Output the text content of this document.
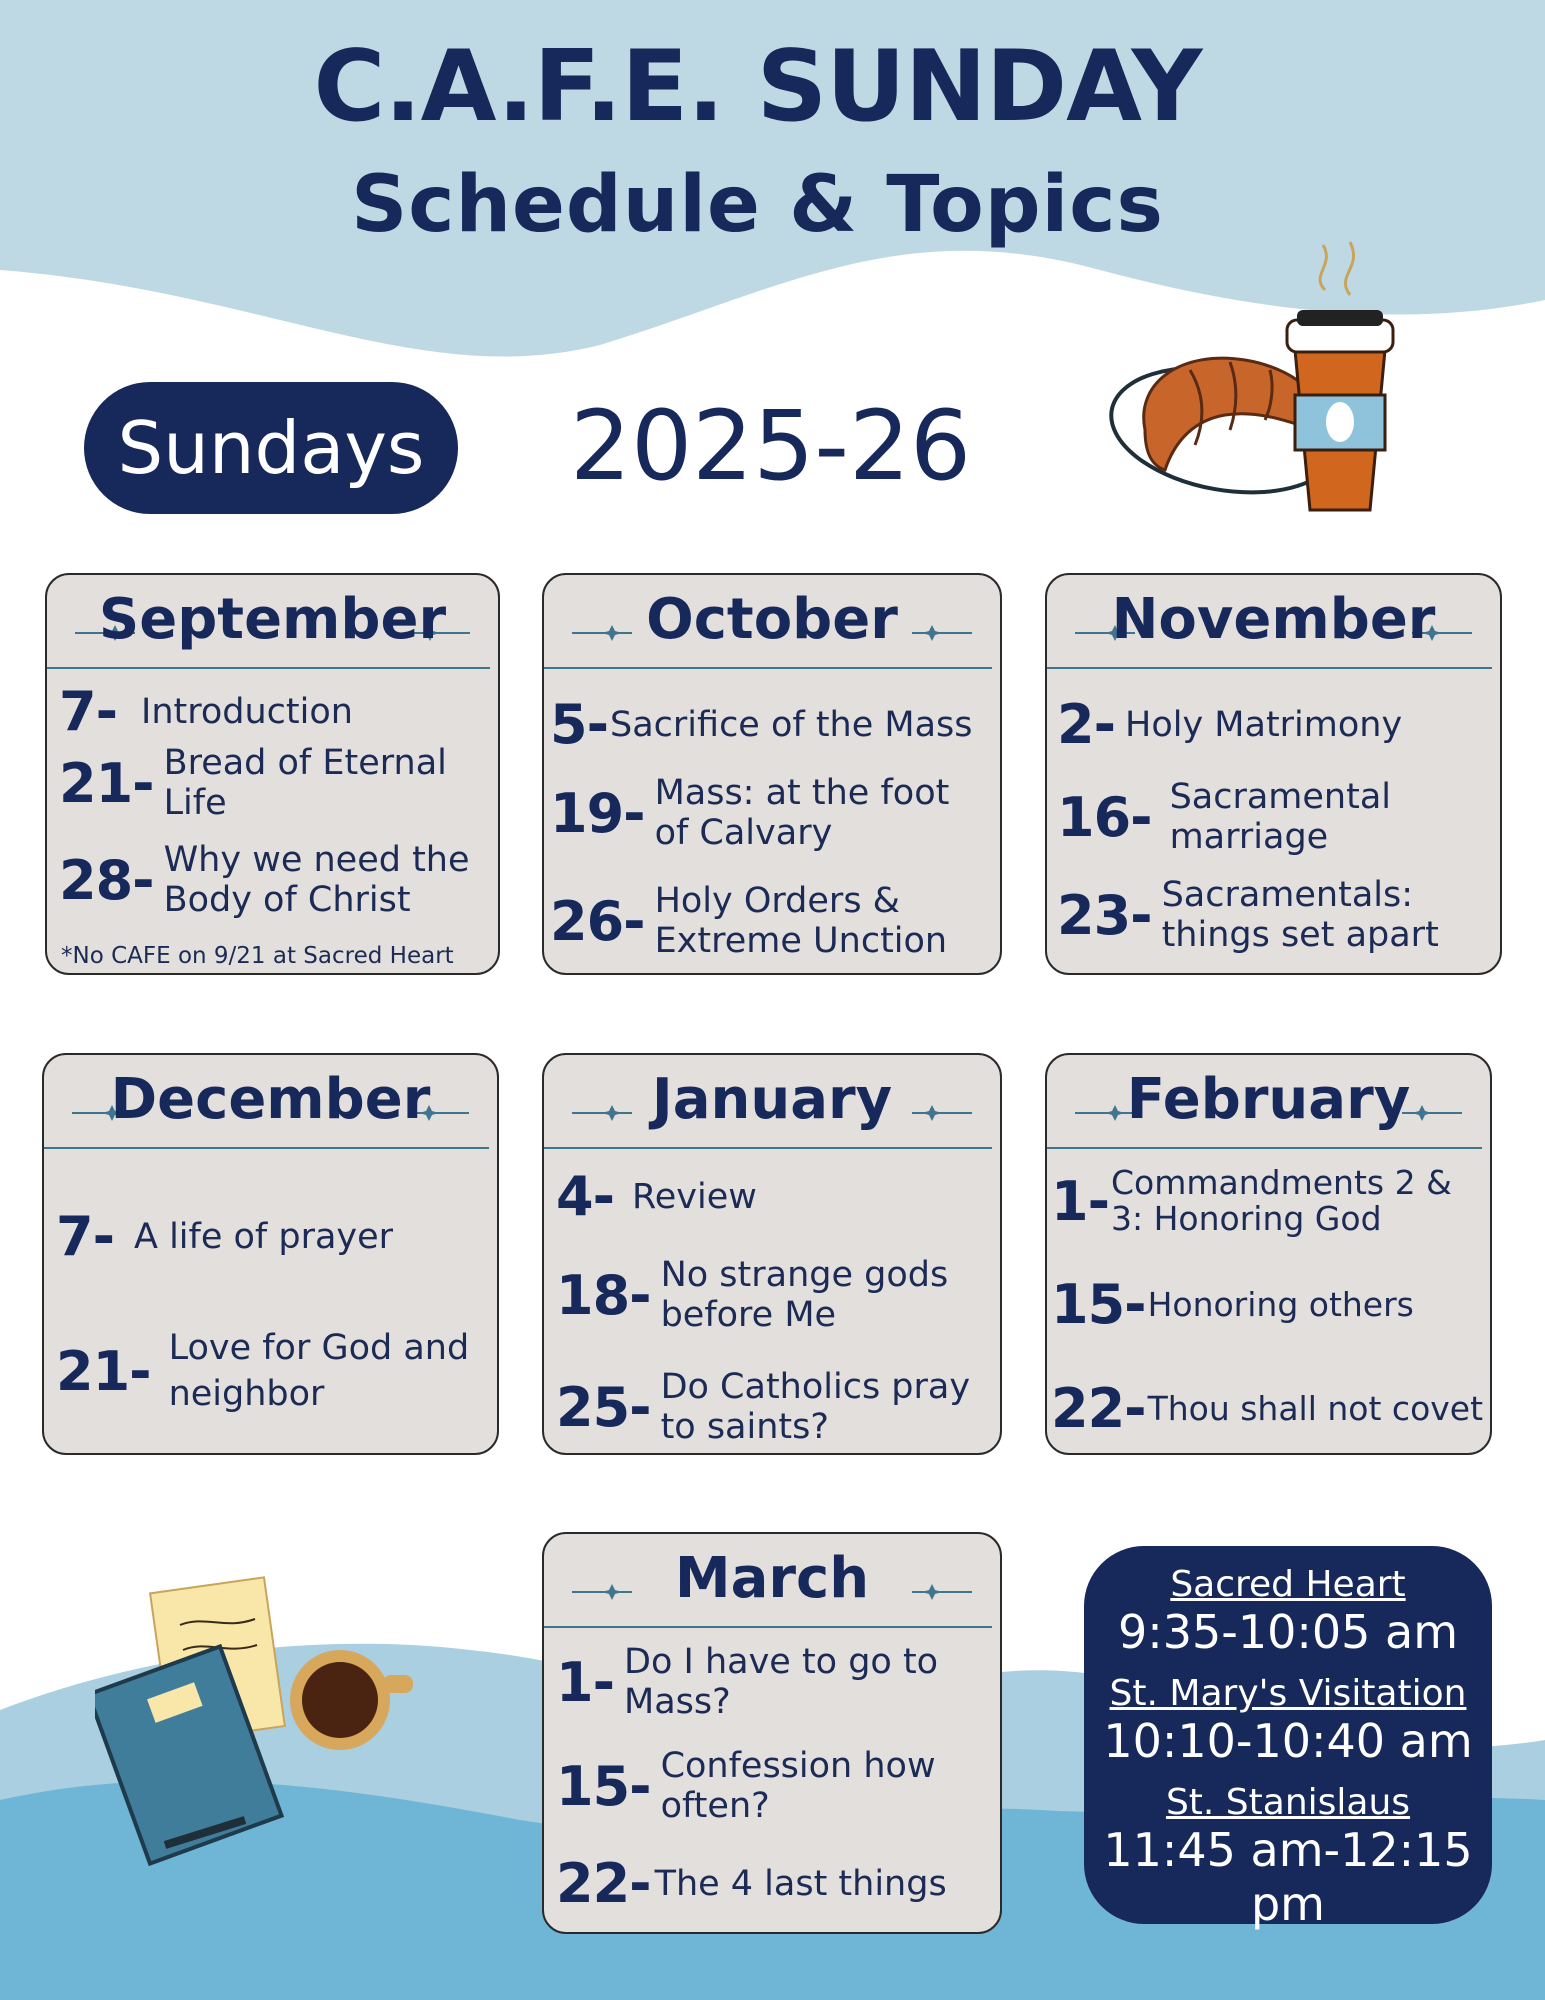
C.A.F.E. SUNDAY
Schedule & Topics
Sundays 2025-26
September
7- Introduction
21- Bread of Eternal Life
28- Why we need the Body of Christ
*No CAFE on 9/21 at Sacred Heart
October
5- Sacrifice of the Mass
19- Mass: at the foot of Calvary
26- Holy Orders & Extreme Unction
November
2- Holy Matrimony
16- Sacramental marriage
23- Sacramentals: things set apart
December
7- A life of prayer
21- Love for God and neighbor
January
4- Review
18- No strange gods before Me
25- Do Catholics pray to saints?
February
1- Commandments 2 & 3: Honoring God
15- Honoring others
22- Thou shall not covet
March
1- Do I have to go to Mass?
15- Confession how often?
22- The 4 last things
Sacred Heart
9:35-10:05 am
St. Mary's Visitation
10:10-10:40 am
St. Stanislaus
11:45 am-12:15 pm
